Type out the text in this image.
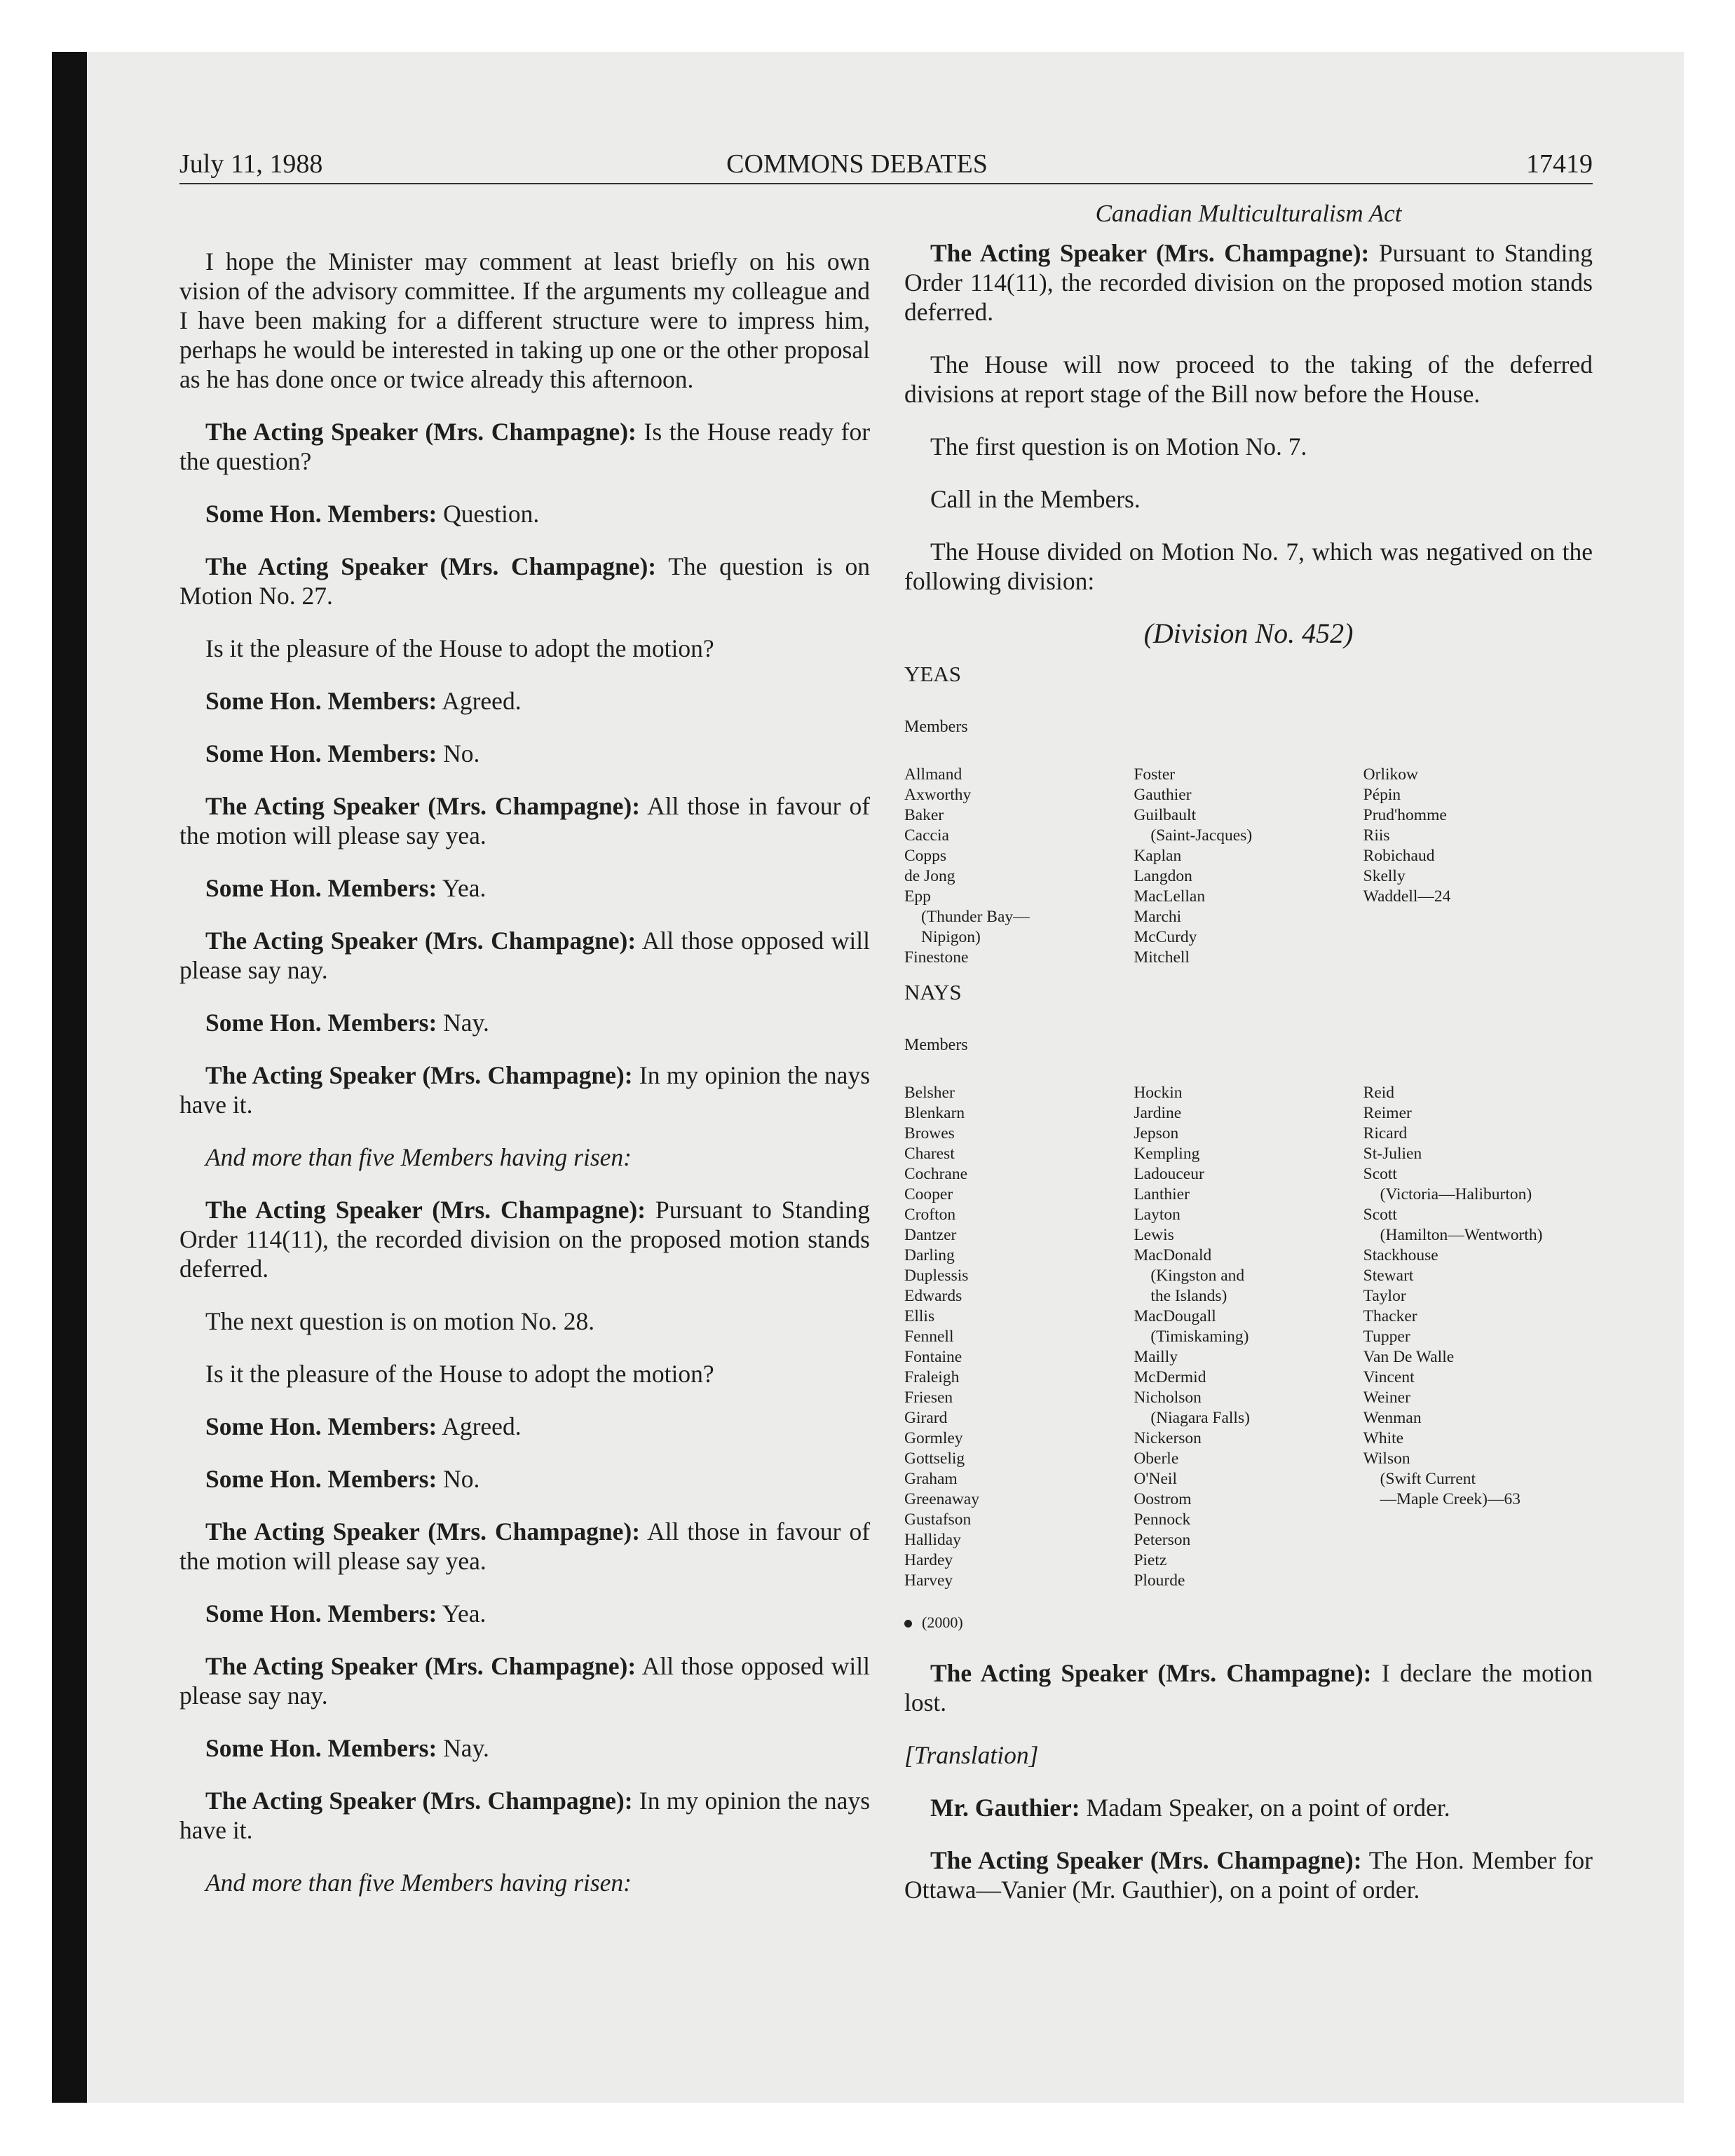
July 11, 1988	COMMONS DEBATES	17419

I hope the Minister may comment at least briefly on his own vision of the advisory committee. If the arguments my colleague and I have been making for a different structure were to impress him, perhaps he would be interested in taking up one or the other proposal as he has done once or twice already this afternoon.

The Acting Speaker (Mrs. Champagne): Is the House ready for the question?

Some Hon. Members: Question.

The Acting Speaker (Mrs. Champagne): The question is on Motion No. 27.

Is it the pleasure of the House to adopt the motion?

Some Hon. Members: Agreed.

Some Hon. Members: No.

The Acting Speaker (Mrs. Champagne): All those in favour of the motion will please say yea.

Some Hon. Members: Yea.

The Acting Speaker (Mrs. Champagne): All those opposed will please say nay.

Some Hon. Members: Nay.

The Acting Speaker (Mrs. Champagne): In my opinion the nays have it.

And more than five Members having risen:

The Acting Speaker (Mrs. Champagne): Pursuant to Standing Order 114(11), the recorded division on the proposed motion stands deferred.

The next question is on motion No. 28.

Is it the pleasure of the House to adopt the motion?

Some Hon. Members: Agreed.

Some Hon. Members: No.

The Acting Speaker (Mrs. Champagne): All those in favour of the motion will please say yea.

Some Hon. Members: Yea.

The Acting Speaker (Mrs. Champagne): All those opposed will please say nay.

Some Hon. Members: Nay.

The Acting Speaker (Mrs. Champagne): In my opinion the nays have it.

And more than five Members having risen:

Canadian Multiculturalism Act

The Acting Speaker (Mrs. Champagne): Pursuant to Standing Order 114(11), the recorded division on the proposed motion stands deferred.

The House will now proceed to the taking of the deferred divisions at report stage of the Bill now before the House.

The first question is on Motion No. 7.

Call in the Members.

The House divided on Motion No. 7, which was negatived on the following division:

(Division No. 452)

YEAS

Members

Allmand
Axworthy
Baker
Caccia
Copps
de Jong
Epp
(Thunder Bay—
Nipigon)
Finestone
Foster
Gauthier
Guilbault
(Saint-Jacques)
Kaplan
Langdon
MacLellan
Marchi
McCurdy
Mitchell
Orlikow
Pépin
Prud'homme
Riis
Robichaud
Skelly
Waddell—24

NAYS

Members

Belsher
Blenkarn
Browes
Charest
Cochrane
Cooper
Crofton
Dantzer
Darling
Duplessis
Edwards
Ellis
Fennell
Fontaine
Fraleigh
Friesen
Girard
Gormley
Gottselig
Graham
Greenaway
Gustafson
Halliday
Hardey
Harvey
Hockin
Jardine
Jepson
Kempling
Ladouceur
Lanthier
Layton
Lewis
MacDonald
(Kingston and
the Islands)
MacDougall
(Timiskaming)
Mailly
McDermid
Nicholson
(Niagara Falls)
Nickerson
Oberle
O'Neil
Oostrom
Pennock
Peterson
Pietz
Plourde
Reid
Reimer
Ricard
St-Julien
Scott
(Victoria—Haliburton)
Scott
(Hamilton—Wentworth)
Stackhouse
Stewart
Taylor
Thacker
Tupper
Van De Walle
Vincent
Weiner
Wenman
White
Wilson
(Swift Current
—Maple Creek)—63
(2000)

The Acting Speaker (Mrs. Champagne): I declare the motion lost.

[Translation]

Mr. Gauthier: Madam Speaker, on a point of order.

The Acting Speaker (Mrs. Champagne): The Hon. Member for Ottawa—Vanier (Mr. Gauthier), on a point of order.
